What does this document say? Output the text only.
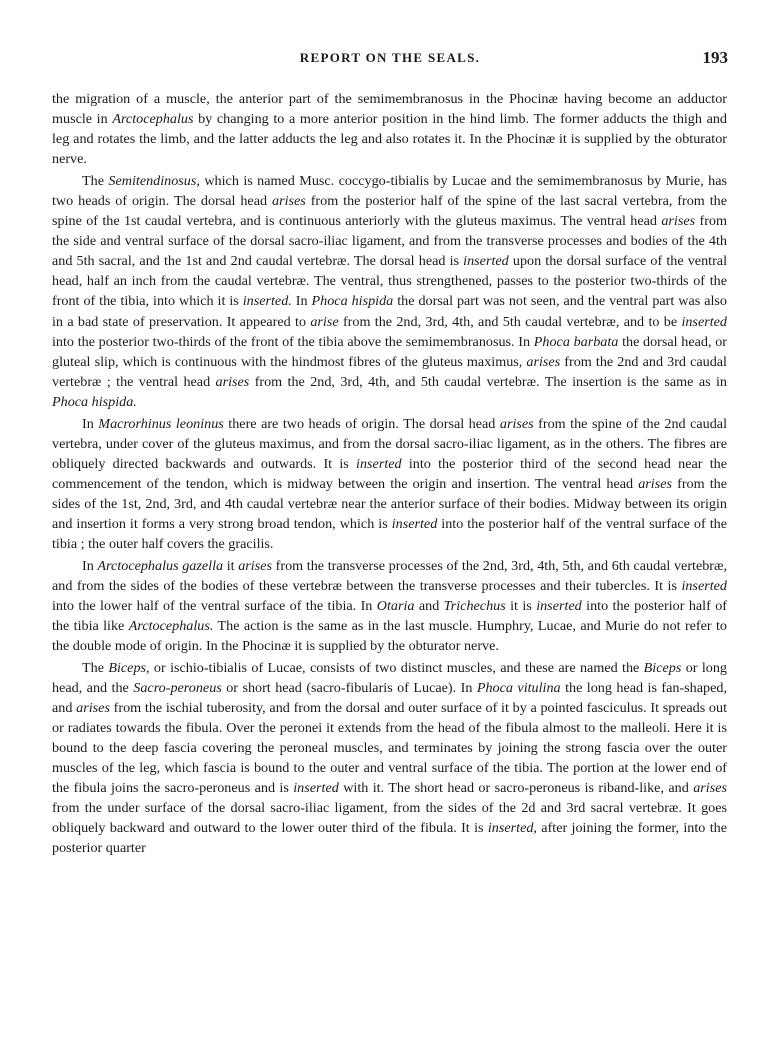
REPORT ON THE SEALS.	193

the migration of a muscle, the anterior part of the semimembranosus in the Phocinæ having become an adductor muscle in Arctocephalus by changing to a more anterior position in the hind limb. The former adducts the thigh and leg and rotates the limb, and the latter adducts the leg and also rotates it. In the Phocinæ it is supplied by the obturator nerve.

The Semitendinosus, which is named Musc. coccygo-tibialis by Lucae and the semimembranosus by Murie, has two heads of origin. The dorsal head arises from the posterior half of the spine of the last sacral vertebra, from the spine of the 1st caudal vertebra, and is continuous anteriorly with the gluteus maximus. The ventral head arises from the side and ventral surface of the dorsal sacro-iliac ligament, and from the transverse processes and bodies of the 4th and 5th sacral, and the 1st and 2nd caudal vertebræ. The dorsal head is inserted upon the dorsal surface of the ventral head, half an inch from the caudal vertebræ. The ventral, thus strengthened, passes to the posterior two-thirds of the front of the tibia, into which it is inserted. In Phoca hispida the dorsal part was not seen, and the ventral part was also in a bad state of preservation. It appeared to arise from the 2nd, 3rd, 4th, and 5th caudal vertebræ, and to be inserted into the posterior two-thirds of the front of the tibia above the semimembranosus. In Phoca barbata the dorsal head, or gluteal slip, which is continuous with the hindmost fibres of the gluteus maximus, arises from the 2nd and 3rd caudal vertebræ ; the ventral head arises from the 2nd, 3rd, 4th, and 5th caudal vertebræ. The insertion is the same as in Phoca hispida.

In Macrorhinus leoninus there are two heads of origin. The dorsal head arises from the spine of the 2nd caudal vertebra, under cover of the gluteus maximus, and from the dorsal sacro-iliac ligament, as in the others. The fibres are obliquely directed backwards and outwards. It is inserted into the posterior third of the second head near the commencement of the tendon, which is midway between the origin and insertion. The ventral head arises from the sides of the 1st, 2nd, 3rd, and 4th caudal vertebræ near the anterior surface of their bodies. Midway between its origin and insertion it forms a very strong broad tendon, which is inserted into the posterior half of the ventral surface of the tibia ; the outer half covers the gracilis.

In Arctocephalus gazella it arises from the transverse processes of the 2nd, 3rd, 4th, 5th, and 6th caudal vertebræ, and from the sides of the bodies of these vertebræ between the transverse processes and their tubercles. It is inserted into the lower half of the ventral surface of the tibia. In Otaria and Trichechus it is inserted into the posterior half of the tibia like Arctocephalus. The action is the same as in the last muscle. Humphry, Lucae, and Murie do not refer to the double mode of origin. In the Phocinæ it is supplied by the obturator nerve.

The Biceps, or ischio-tibialis of Lucae, consists of two distinct muscles, and these are named the Biceps or long head, and the Sacro-peroneus or short head (sacro-fibularis of Lucae). In Phoca vitulina the long head is fan-shaped, and arises from the ischial tuberosity, and from the dorsal and outer surface of it by a pointed fasciculus. It spreads out or radiates towards the fibula. Over the peronei it extends from the head of the fibula almost to the malleoli. Here it is bound to the deep fascia covering the peroneal muscles, and terminates by joining the strong fascia over the outer muscles of the leg, which fascia is bound to the outer and ventral surface of the tibia. The portion at the lower end of the fibula joins the sacro-peroneus and is inserted with it. The short head or sacro-peroneus is riband-like, and arises from the under surface of the dorsal sacro-iliac ligament, from the sides of the 2d and 3rd sacral vertebræ. It goes obliquely backward and outward to the lower outer third of the fibula. It is inserted, after joining the former, into the posterior quarter
